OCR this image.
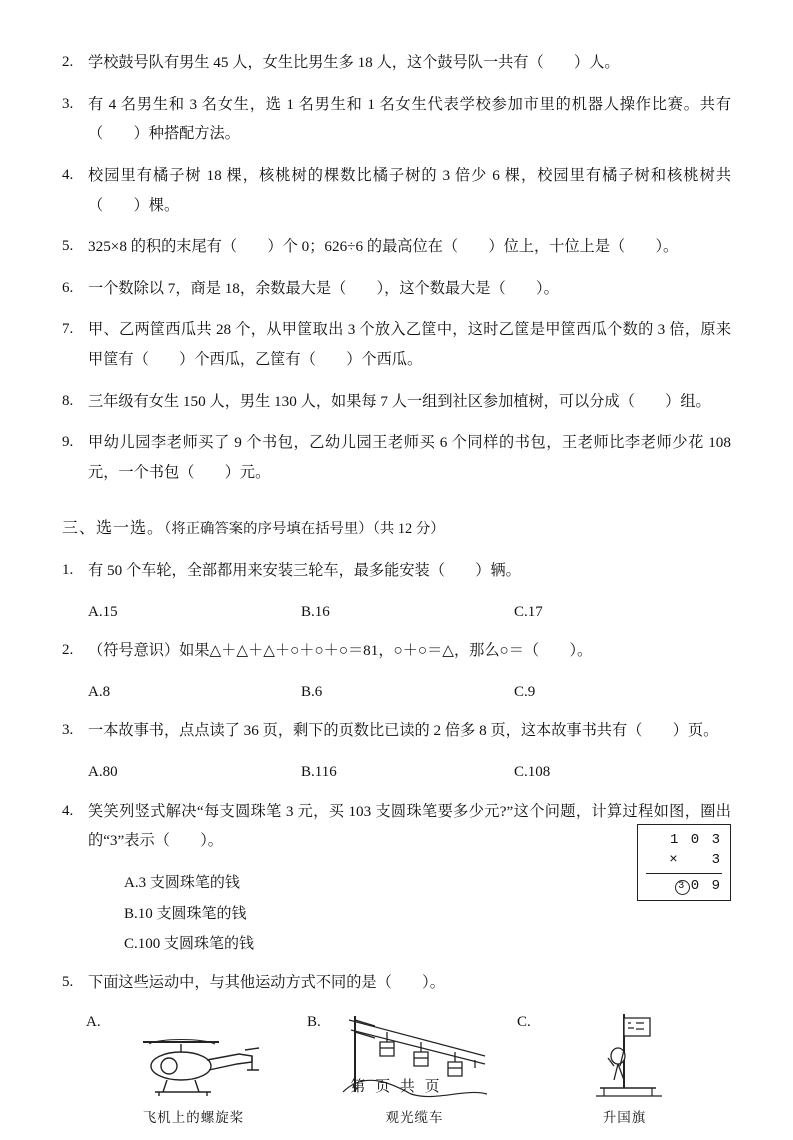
2. 学校鼓号队有男生 45 人，女生比男生多 18 人，这个鼓号队一共有（　　）人。
3. 有 4 名男生和 3 名女生，选 1 名男生和 1 名女生代表学校参加市里的机器人操作比赛。共有（　　）种搭配方法。
4. 校园里有橘子树 18 棵，核桃树的棵数比橘子树的 3 倍少 6 棵，校园里有橘子树和核桃树共（　　）棵。
5. 325×8 的积的末尾有（　　）个 0；626÷6 的最高位在（　　）位上，十位上是（　　）。
6. 一个数除以 7，商是 18，余数最大是（　　），这个数最大是（　　）。
7. 甲、乙两筐西瓜共 28 个，从甲筐取出 3 个放入乙筐中，这时乙筐是甲筐西瓜个数的 3 倍，原来甲筐有（　　）个西瓜，乙筐有（　　）个西瓜。
8. 三年级有女生 150 人，男生 130 人，如果每 7 人一组到社区参加植树，可以分成（　　）组。
9. 甲幼儿园李老师买了 9 个书包，乙幼儿园王老师买 6 个同样的书包，王老师比李老师少花 108 元，一个书包（　　）元。
三、选一选。（将正确答案的序号填在括号里）（共 12 分）
1. 有 50 个车轮，全部都用来安装三轮车，最多能安装（　　）辆。
A.15	B.16	C.17
2. （符号意识）如果△＋△＋△＋○＋○＋○＝81，○＋○＝△，那么○＝（　　）。
A.8	B.6	C.9
3. 一本故事书，点点读了 36 页，剩下的页数比已读的 2 倍多 8 页，这本故事书共有（　　）页。
A.80	B.116	C.108
4. 笑笑列竖式解决“每支圆珠笔 3 元，买 103 支圆珠笔要多少元?”这个问题，计算过程如图，圈出的“3”表示（　　）。
A.3 支圆珠笔的钱
B.10 支圆珠笔的钱
C.100 支圆珠笔的钱
1 0 3
×　　3
3 0 9
5. 下面这些运动中，与其他运动方式不同的是（　　）。
A.
飞机上的螺旋桨
B.
观光缆车
C.
升国旗
第 页 共 页
